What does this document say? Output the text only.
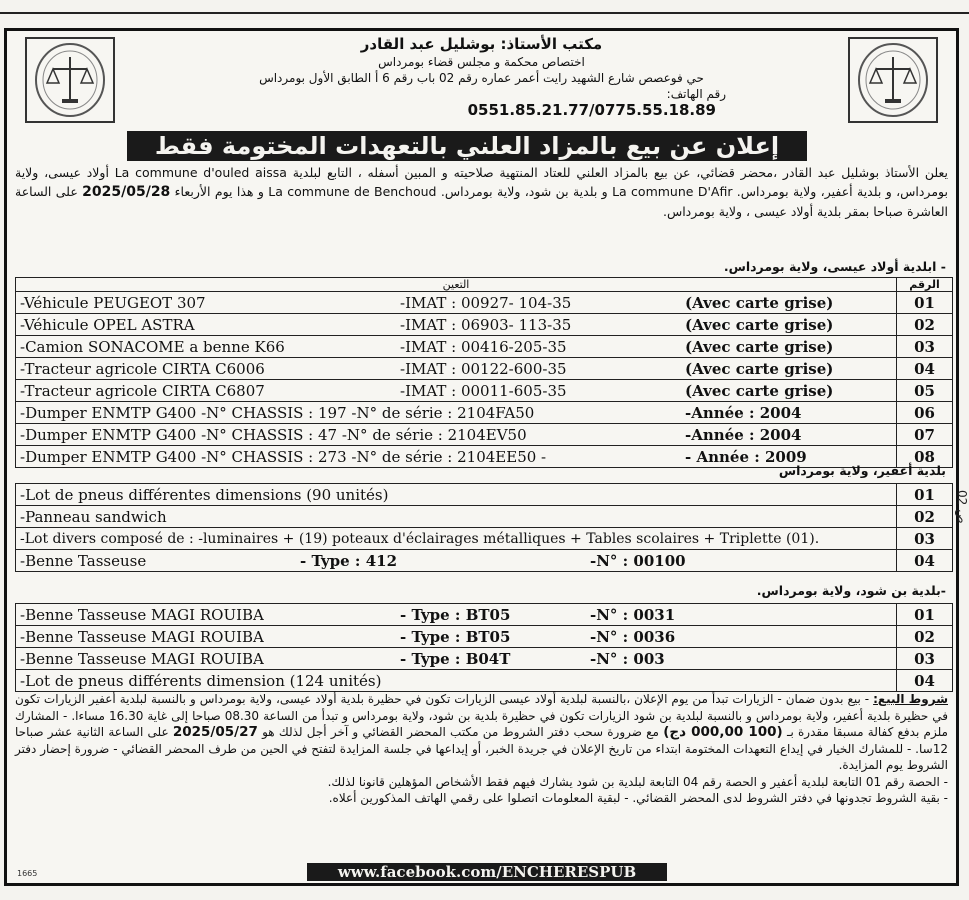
مكتب الأستاذ: بوشليل عبد القادر
اختصاص محكمة و مجلس قضاء بومرداس
حي فوعصص شارع الشهيد رايت أعمر عماره رقم 02 باب رقم 6 أ الطابق الأول بومرداس
رقم الهاتف:
0551.85.21.77/0775.55.18.89
إعلان عن بيع بالمزاد العلني بالتعهدات المختومة فقط
يعلن الأستاذ بوشليل عبد القادر ،محضر قضائي، عن بيع بالمزاد العلني للعتاد المنتهية صلاحيته و المبين أسفله ، التابع لبلدية La commune d'ouled aissa أولاد عيسى، ولاية بومرداس، و بلدية أعفير، ولاية بومرداس. La commune D'Afir و بلدية بن شود، ولاية بومرداس. La commune de Benchoud و هذا يوم الأربعاء 2025/05/28 على الساعة العاشرة صباحا بمقر بلدية أولاد عيسى ، ولاية بومرداس.
- ابلدية أولاد عيسى، ولاية بومرداس.
التعين	الرقم
-Véhicule PEUGEOT 307 -IMAT : 00927- 104-35 (Avec carte grise)	01
-Véhicule OPEL ASTRA -IMAT : 06903- 113-35 (Avec carte grise)	02
-Camion SONACOME a benne K66 -IMAT : 00416-205-35 (Avec carte grise)	03
-Tracteur agricole CIRTA C6006 -IMAT : 00122-600-35 (Avec carte grise)	04
-Tracteur agricole CIRTA C6807 -IMAT : 00011-605-35 (Avec carte grise)	05
-Dumper ENMTP G400 -N° CHASSIS : 197 -N° de série : 2104FA50 -Année : 2004	06
-Dumper ENMTP G400 -N° CHASSIS : 47 -N° de série : 2104EV50 -Année : 2004	07
-Dumper ENMTP G400 -N° CHASSIS : 273 -N° de série : 2104EE50 - - Année : 2009	08
بلدية أعفير، ولاية بومرداس
-Lot de pneus différentes dimensions (90 unités)	01
-Panneau sandwich	02
-Lot divers composé de : -luminaires + (19) poteaux d'éclairages métalliques + Tables scolaires + Triplette (01).	03
-Benne Tasseuse - Type : 412 -N° : 00100	04
-بلدية بن شود، ولاية بومرداس.
-Benne Tasseuse MAGI ROUIBA - Type : BT05 -N° : 0031	01
-Benne Tasseuse MAGI ROUIBA - Type : BT05 -N° : 0036	02
-Benne Tasseuse MAGI ROUIBA - Type : B04T -N° : 003	03
-Lot de pneus différents dimension (124 unités)	04
شروط البيع: - بيع بدون ضمان - الزيارات تبدأ من يوم الإعلان ،بالنسبة لبلدية أولاد عيسى الزيارات تكون في حظيرة بلدية أولاد عيسى، ولاية بومرداس و بالنسبة لبلدية أعفير الزيارات تكون في حظيرة بلدية أعفير، ولاية بومرداس و بالنسبة لبلدية بن شود الزيارات تكون في حظيرة بلدية بن شود، ولاية بومرداس و تبدأ من الساعة 08.30 صباحا إلى غاية 16.30 مساءا. - المشارك ملزم بدفع كفالة مسبقا مقدرة بـ (100 000,00 دج) مع ضرورة سحب دفتر الشروط من مكتب المحضر القضائي و آخر أجل لذلك هو 2025/05/27 على الساعة الثانية عشر صباحا 12سا. - للمشارك الخيار في إيداع التعهدات المختومة ابتداء من تاريخ الإعلان في جريدة الخبر، أو إيداعها في جلسة المزايدة لتفتح في الحين من طرف المحضر القضائي - ضرورة إحضار دفتر الشروط يوم المزايدة.
- الحصة رقم 01 التابعة لبلدية أعفير و الحصة رقم 04 التابعة لبلدية بن شود يشارك فيهم فقط الأشخاص المؤهلين قانونا لذلك.
- بقية الشروط تجدونها في دفتر الشروط لدى المحضر القضائي. - لبقية المعلومات اتصلوا على رقمي الهاتف المذكورين أعلاه.
1665	www.facebook.com/ENCHERESPUB
ص 02
